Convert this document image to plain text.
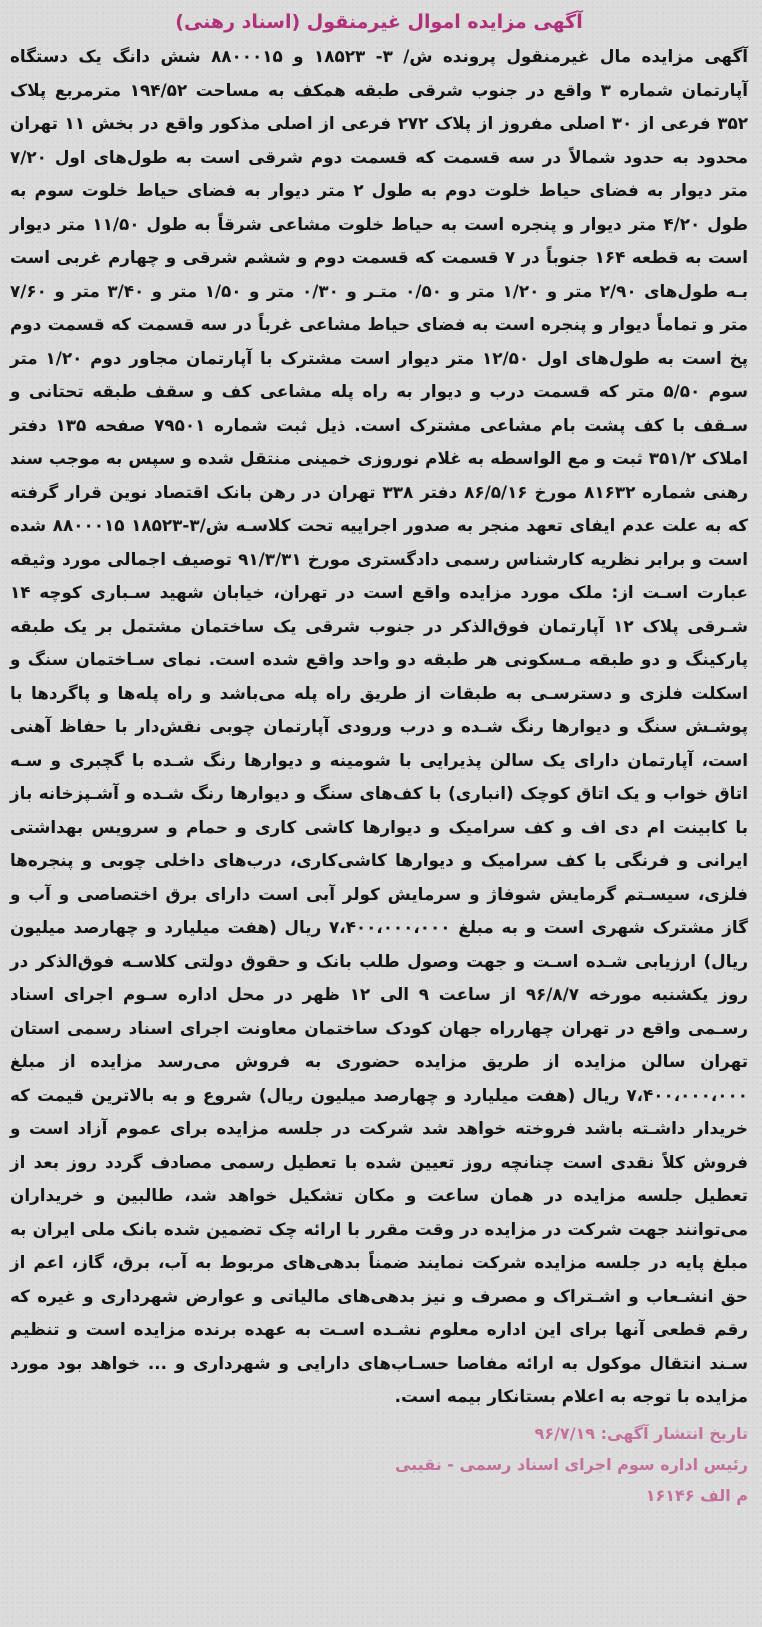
آگهی مزایده اموال غیرمنقول (اسناد رهنی)

آگهی مزایده مال غیرمنقول پرونده ش/ ۳- ۱۸۵۲۳ و ۸۸۰۰۰۱۵ شش دانگ یک دستگاه آپارتمان شماره ۳ واقع در جنوب شرقی طبقه همکف به مساحت ۱۹۴/۵۲ مترمربع پلاک ۳۵۲ فرعی از ۳۰ اصلی مفروز از پلاک ۲۷۲ فرعی از اصلی مذکور واقع در بخش ۱۱ تهران محدود به حدود شمالاً در سه قسمت که قسمت دوم شرقی است به طول‌های اول ۷/۲۰ متر دیوار به فضای حیاط خلوت دوم به طول ۲ متر دیوار به فضای حیاط خلوت سوم به طول ۴/۲۰ متر دیوار و پنجره است به حیاط خلوت مشاعی شرقاً به طول ۱۱/۵۰ متر دیوار است به قطعه ۱۶۴ جنوباً در ۷ قسمت که قسمت دوم و ششم شرقی و چهارم غربی است بـه طول‌های ۲/۹۰ متر و ۱/۲۰ متر و ۰/۵۰ متـر و ۰/۳۰ متر و ۱/۵۰ متر و ۳/۴۰ متر و ۷/۶۰ متر و تماماً دیوار و پنجره است به فضای حیاط مشاعی غرباً در سه قسمت که قسمت دوم پخ است به طول‌های اول ۱۲/۵۰ متر دیوار است مشترک با آپارتمان مجاور دوم ۱/۲۰ متر سوم ۵/۵۰ متر که قسمت درب و دیوار به راه پله مشاعی کف و سقف طبقه تحتانی و سـقف با کف پشت بام مشاعی مشترک است. ذیل ثبت شماره ۷۹۵۰۱ صفحه ۱۳۵ دفتر املاک ۳۵۱/۲ ثبت و مع الواسطه به غلام نوروزی خمینی منتقل شده و سپس به موجب سند رهنی شماره ۸۱۶۳۲ مورخ ۸۶/۵/۱۶ دفتر ۳۳۸ تهران در رهن بانک اقتصاد نوین قرار گرفته که به علت عدم ایفای تعهد منجر به صدور اجراییه تحت کلاسـه ش/۳-۱۸۵۲۳ ۸۸۰۰۰۱۵ شده است و برابر نظریه کارشناس رسمی دادگستری مورخ ۹۱/۳/۳۱ توصیف اجمالی مورد وثیقه عبارت اسـت از: ملک مورد مزایده واقع است در تهران، خیابان شهید سـباری کوچه ۱۴ شـرقی پلاک ۱۲ آپارتمان فوق‌الذکر در جنوب شرقی یک ساختمان مشتمل بر یک طبقه پارکینگ و دو طبقه مـسکونی هر طبقه دو واحد واقع شده است. نمای سـاختمان سنگ و اسکلت فلزی و دسترسـی به طبقات از طریق راه پله می‌باشد و راه پله‌ها و پاگردها با پوشـش سنگ و دیوارها رنگ شـده و درب ورودی آپارتمان چوبی نقش‌دار با حفاظ آهنی است، آپارتمان دارای یک سالن پذیرایی با شومینه و دیوارها رنگ شـده با گچبری و سـه اتاق خواب و یک اتاق کوچک (انباری) با کف‌های سنگ و دیوارها رنگ شـده و آشـپزخانه باز با کابینت ام دی اف و کف سرامیک و دیوارها کاشی کاری و حمام و سرویس بهداشتی ایرانی و فرنگی با کف سرامیک و دیوارها کاشی‌کاری، درب‌های داخلی چوبی و پنجره‌ها فلزی، سیسـتم گرمایش شوفاژ و سرمایش کولر آبی است دارای برق اختصاصی و آب و گاز مشترک شهری است و به مبلغ ۷،۴۰۰،۰۰۰،۰۰۰ ریال (هفت میلیارد و چهارصد میلیون ریال) ارزیابی شـده اسـت و جهت وصول طلب بانک و حقوق دولتی کلاسـه فوق‌الذکر در روز یکشنبه مورخه ۹۶/۸/۷ از ساعت ۹ الی ۱۲ ظهر در محل اداره سـوم اجرای اسناد رسـمی واقع در تهران چهارراه جهان کودک ساختمان معاونت اجرای اسناد رسمی استان تهران سالن مزایده از طریق مزایده حضوری به فروش می‌رسد مزایده از مبلغ ۷،۴۰۰،۰۰۰،۰۰۰ ریال (هفت میلیارد و چهارصد میلیون ریال) شروع و به بالاترین قیمت که خریدار داشـته باشد فروخته خواهد شد شرکت در جلسه مزایده برای عموم آزاد است و فروش کلاً نقدی است چنانچه روز تعیین شده با تعطیل رسمی مصادف گردد روز بعد از تعطیل جلسه مزایده در همان ساعت و مکان تشکیل خواهد شد، طالبین و خریداران می‌توانند جهت شرکت در مزایده در وقت مقرر با ارائه چک تضمین شده بانک ملی ایران به مبلغ پایه در جلسه مزایده شرکت نمایند ضمناً بدهی‌های مربوط به آب، برق، گاز، اعم از حق انشـعاب و اشـتراک و مصرف و نیز بدهی‌های مالیاتی و عوارض شهرداری و غیره که رقم قطعی آنها برای این اداره معلوم نشـده اسـت به عهده برنده مزایده است و تنظیم سـند انتقال موکول به ارائه مفاصا حسـاب‌های دارایی و شهرداری و ... خواهد بود مورد مزایده با توجه به اعلام بستانکار بیمه است.

تاریخ انتشار آگهی: ۹۶/۷/۱۹
رئیس اداره سوم اجرای اسناد رسمی - نقیبی
م الف ۱۶۱۴۶
